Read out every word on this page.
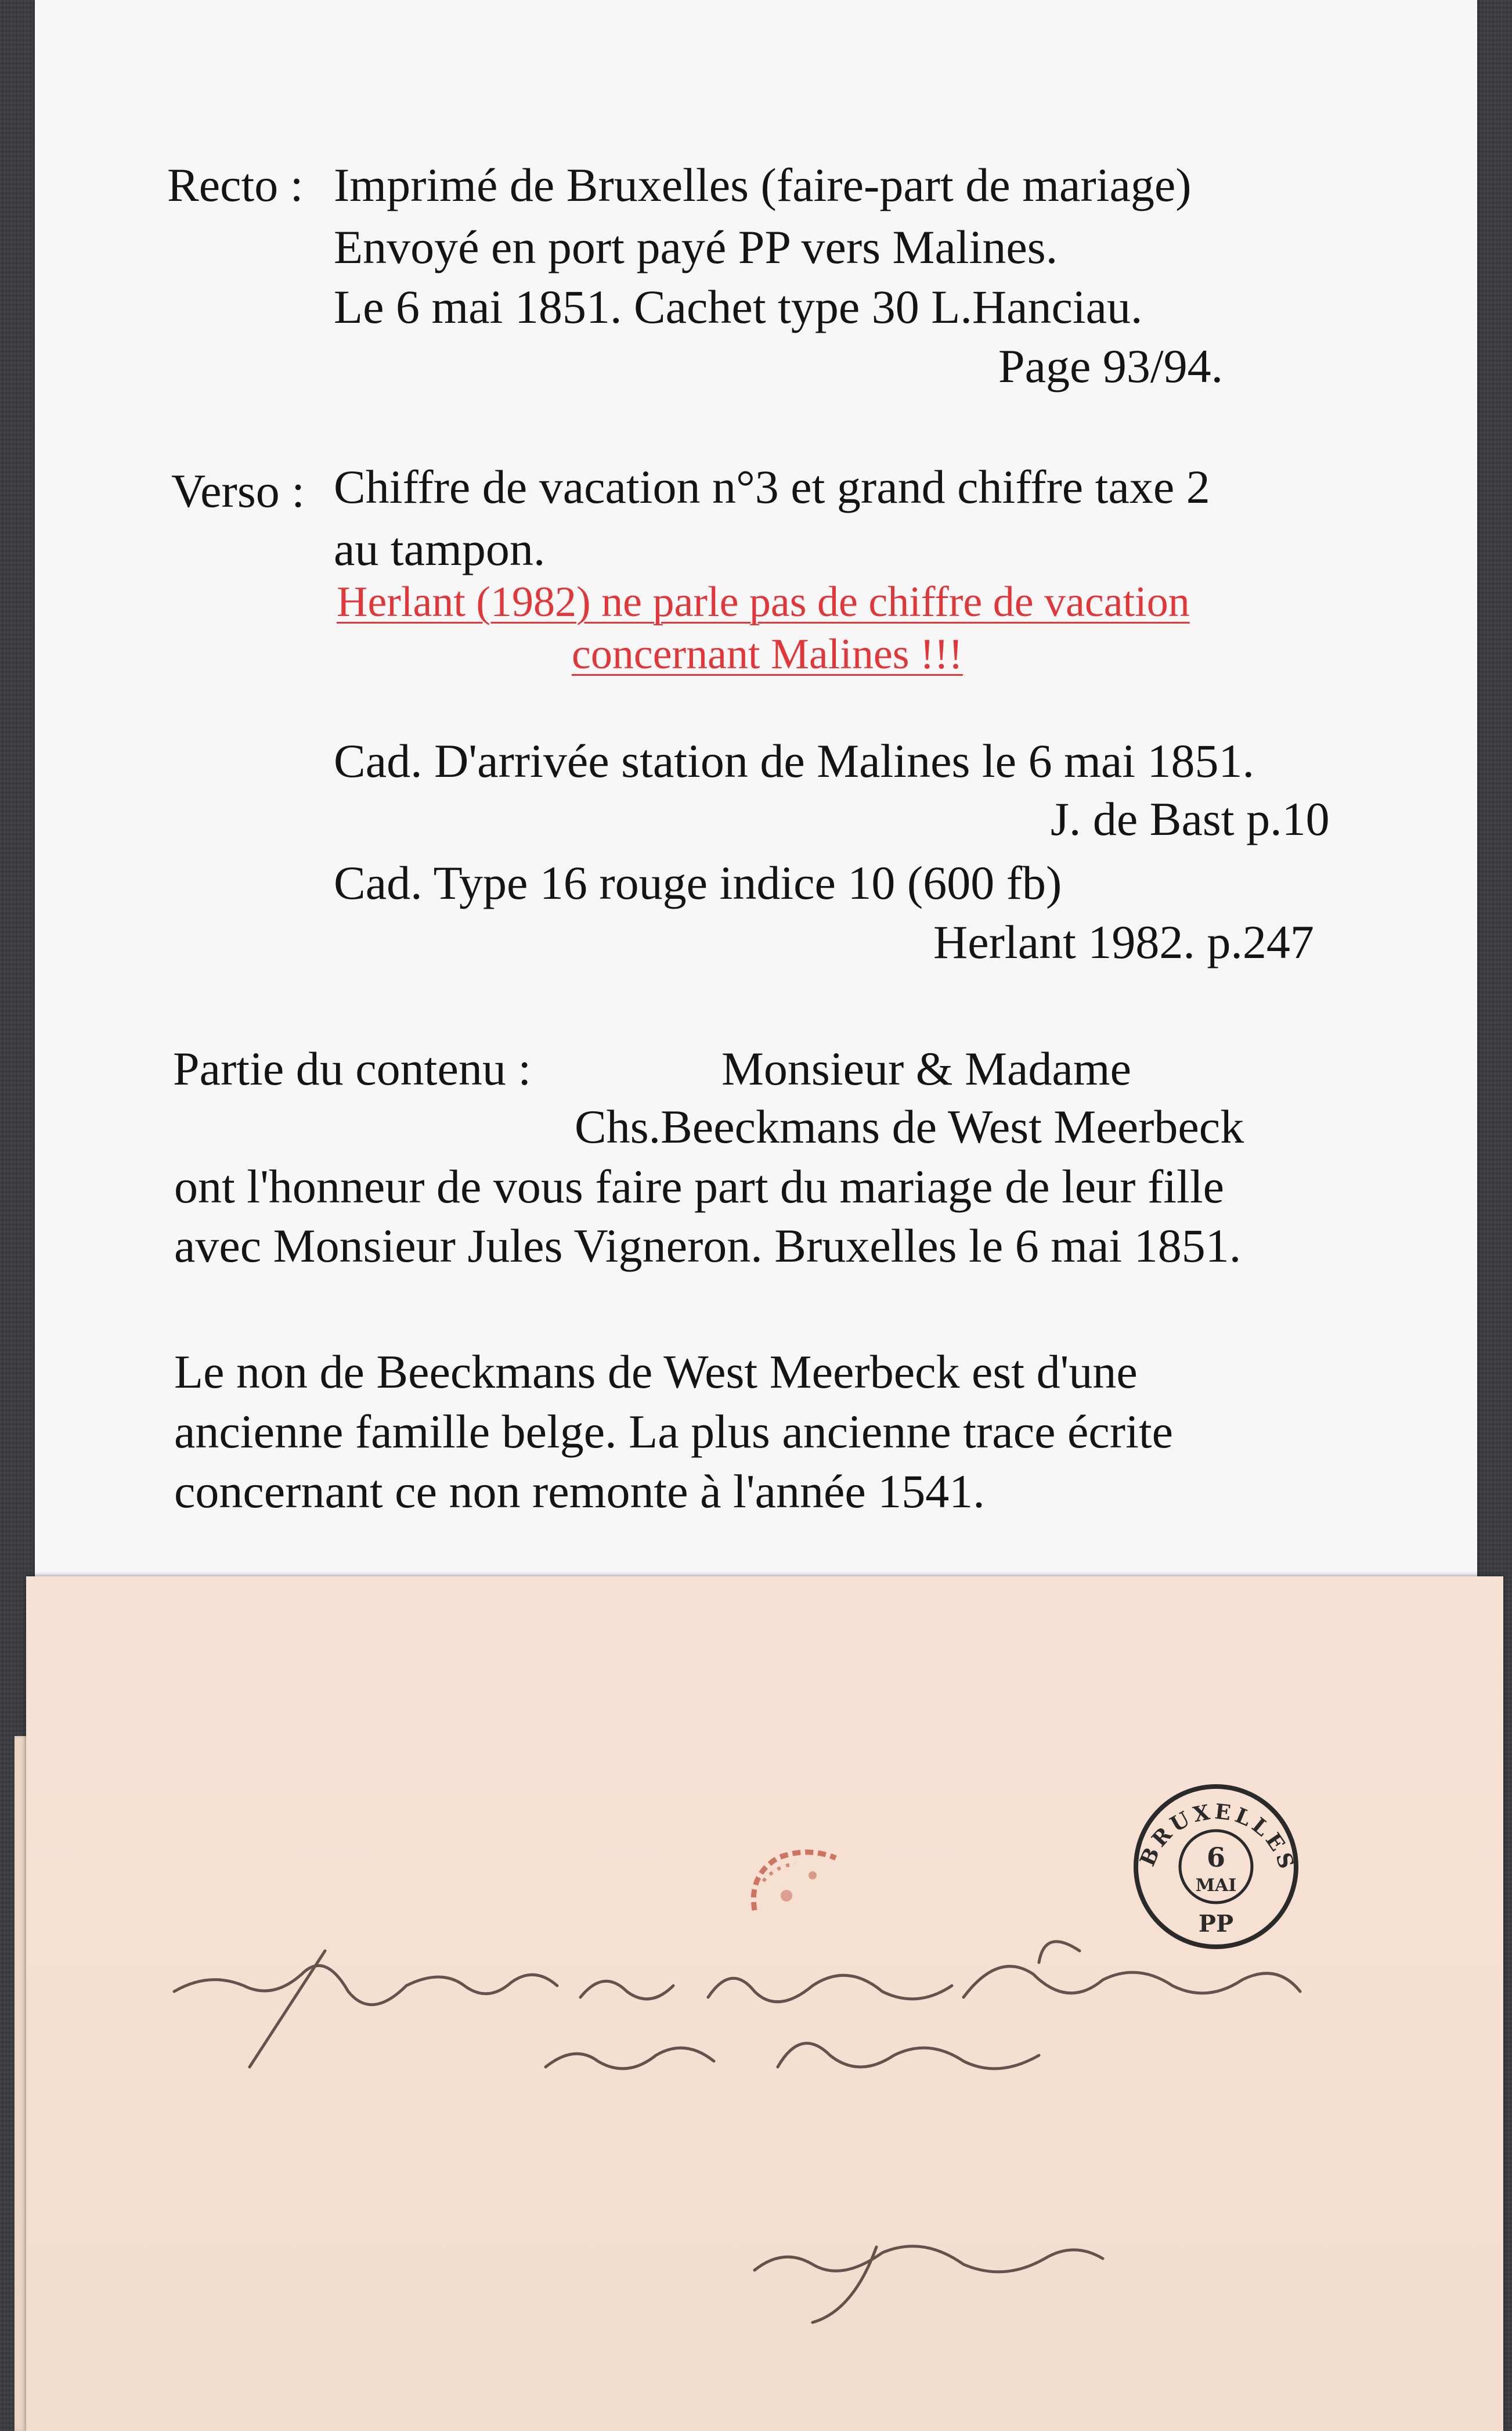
Recto : Imprimé de Bruxelles (faire-part de mariage)
Envoyé en port payé PP vers Malines.
Le 6 mai 1851. Cachet type 30 L.Hanciau.
Page 93/94.
Verso : Chiffre de vacation n°3 et grand chiffre taxe 2
au tampon.
Herlant (1982) ne parle pas de chiffre de vacation
concernant Malines !!!
Cad. D'arrivée station de Malines le 6 mai 1851.
J. de Bast p.10
Cad. Type 16 rouge indice 10 (600 fb)
Herlant 1982. p.247
Partie du contenu :	Monsieur & Madame
Chs.Beeckmans de West Meerbeck
ont l'honneur de vous faire part du mariage de leur fille
avec Monsieur Jules Vigneron. Bruxelles le 6 mai 1851.
Le non de Beeckmans de West Meerbeck est d'une
ancienne famille belge. La plus ancienne trace écrite
concernant ce non remonte à l'année 1541.
BRUXELLES
6
MAI
PP
⋯
